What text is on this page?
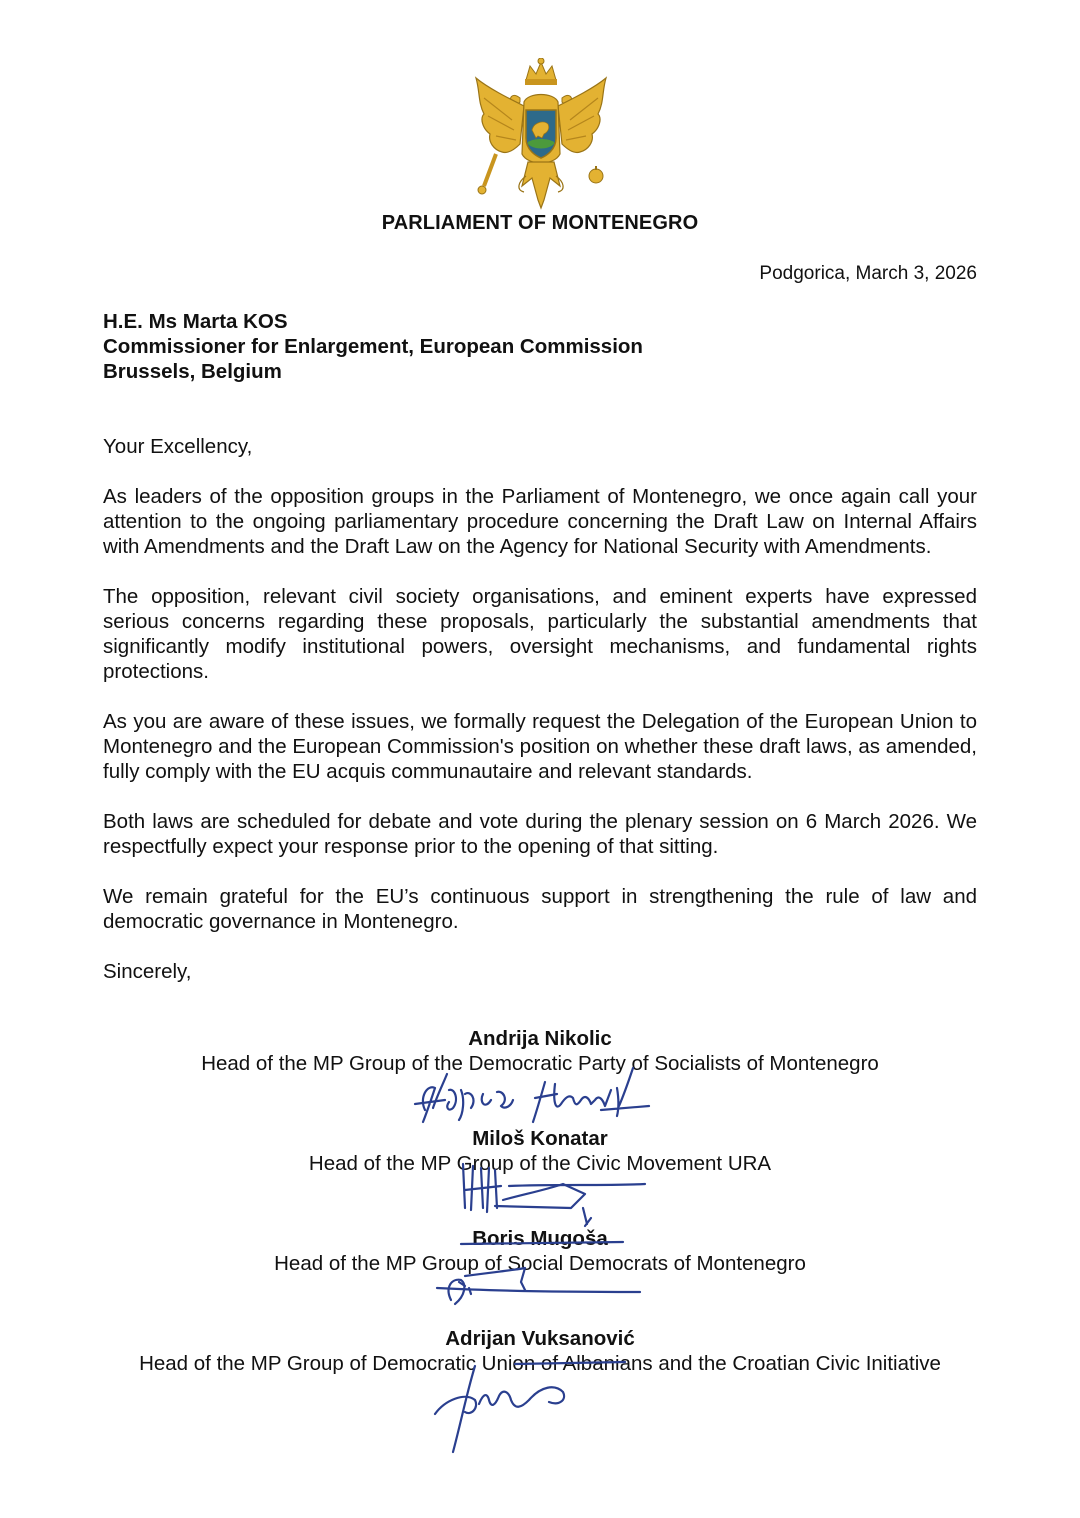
PARLIAMENT OF MONTENEGRO
Podgorica, March 3, 2026
H.E. Ms Marta KOS
Commissioner for Enlargement, European Commission
Brussels, Belgium

Your Excellency,

As leaders of the opposition groups in the Parliament of Montenegro, we once again call your attention to the ongoing parliamentary procedure concerning the Draft Law on Internal Affairs with Amendments and the Draft Law on the Agency for National Security with Amendments.

The opposition, relevant civil society organisations, and eminent experts have expressed serious concerns regarding these proposals, particularly the substantial amendments that significantly modify institutional powers, oversight mechanisms, and fundamental rights protections.

As you are aware of these issues, we formally request the Delegation of the European Union to Montenegro and the European Commission's position on whether these draft laws, as amended, fully comply with the EU acquis communautaire and relevant standards.

Both laws are scheduled for debate and vote during the plenary session on 6 March 2026. We respectfully expect your response prior to the opening of that sitting.

We remain grateful for the EU’s continuous support in strengthening the rule of law and democratic governance in Montenegro.

Sincerely,

Andrija Nikolic
Head of the MP Group of the Democratic Party of Socialists of Montenegro
Miloš Konatar
Head of the MP Group of the Civic Movement URA
Boris Mugoša
Head of the MP Group of Social Democrats of Montenegro
Adrijan Vuksanović
Head of the MP Group of Democratic Union of Albanians and the Croatian Civic Initiative
